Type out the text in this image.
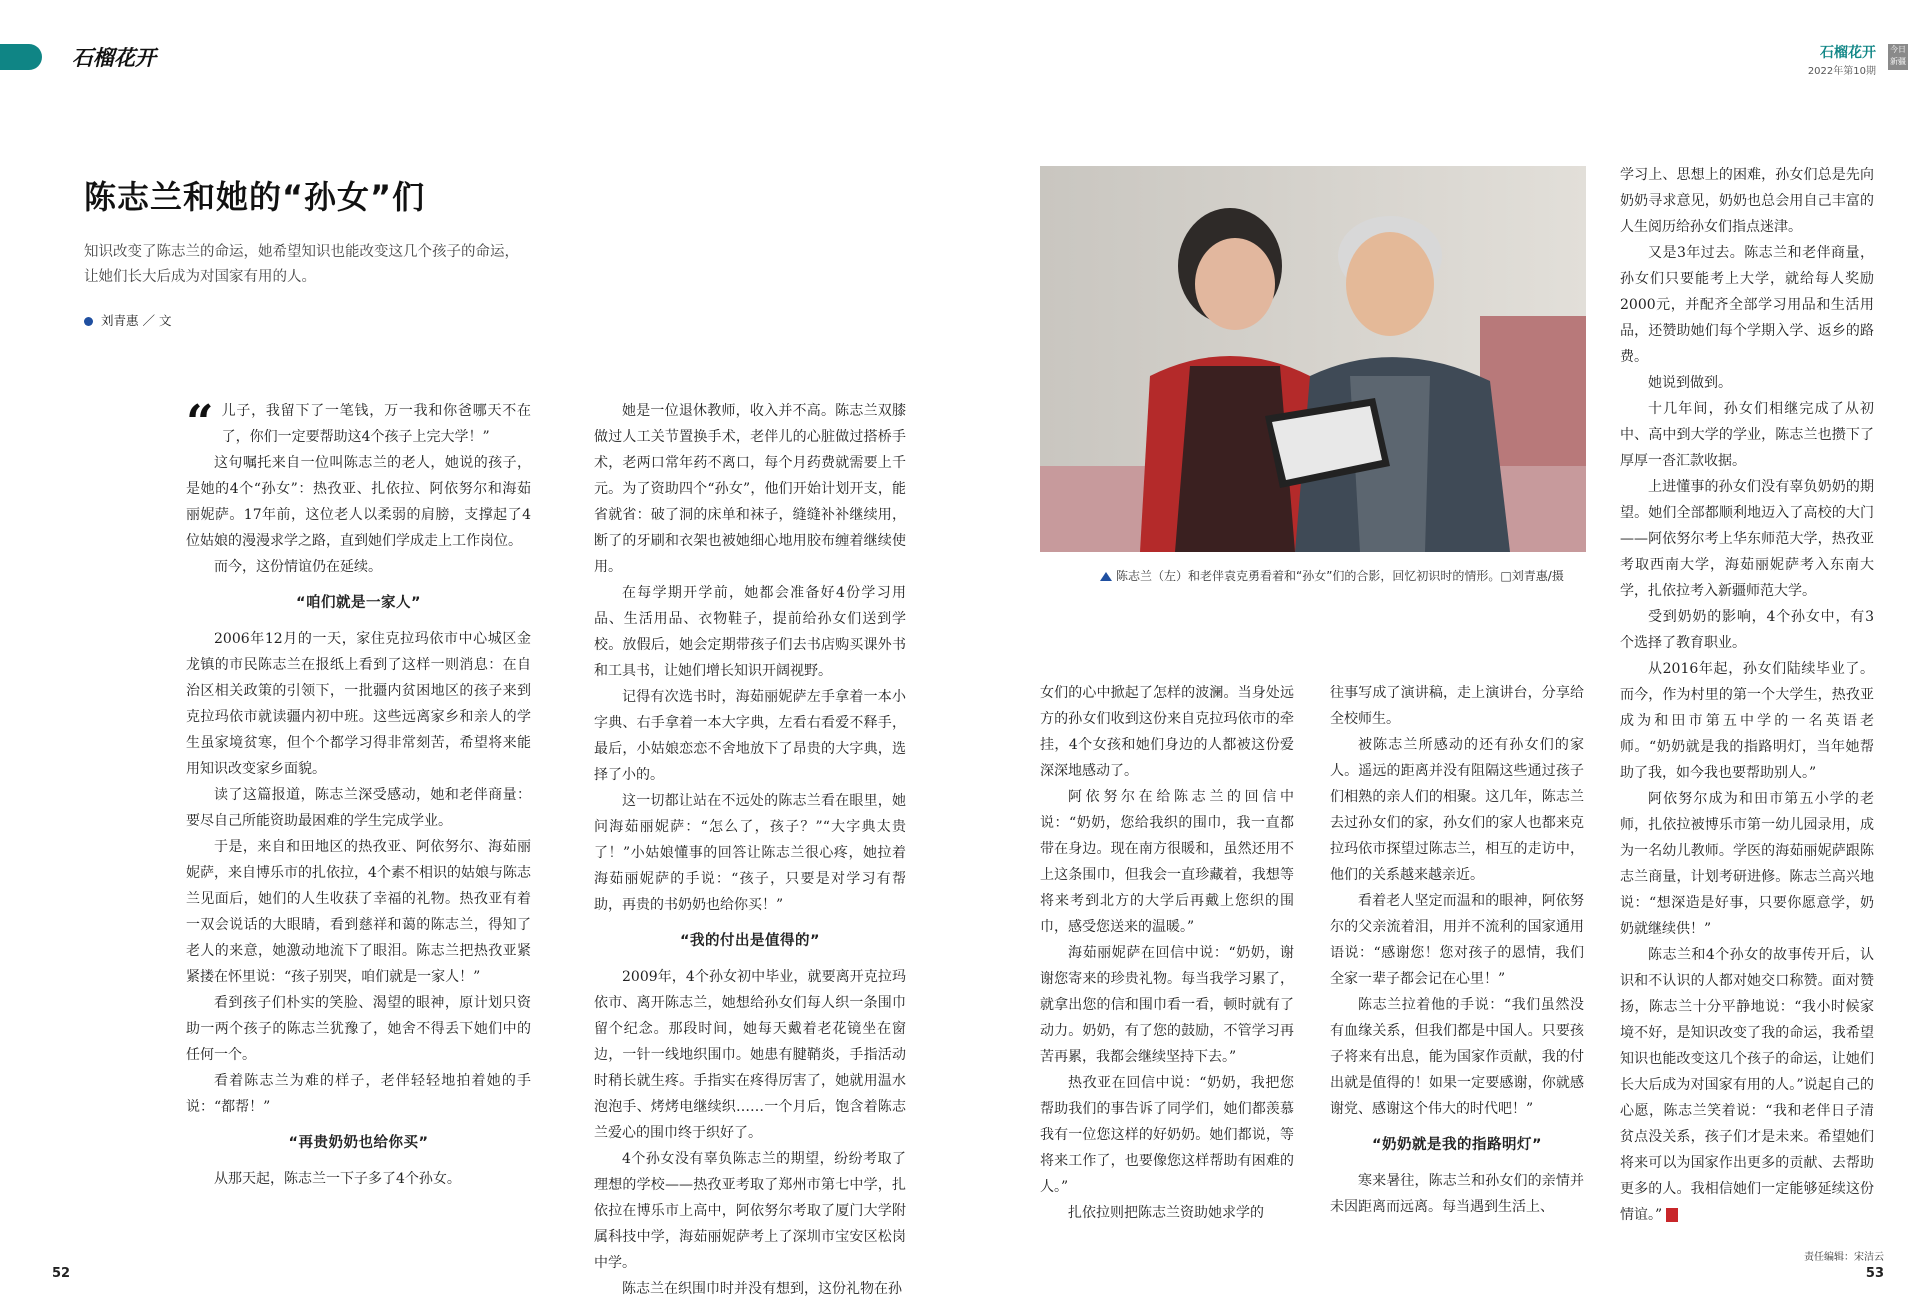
石榴花开	石榴花开
2022年第10期
今日新疆
陈志兰和她的“孙女”们
知识改变了陈志兰的命运，她希望知识也能改变这几个孩子的命运，让她们长大后成为对国家有用的人。
刘青惠 ／ 文

“ 儿子，我留下了一笔钱，万一我和你爸哪天不在了，你们一定要帮助这4个孩子上完大学！”

这句嘱托来自一位叫陈志兰的老人，她说的孩子，是她的4个“孙女”：热孜亚、扎依拉、阿依努尔和海茹丽妮萨。17年前，这位老人以柔弱的肩膀，支撑起了4位姑娘的漫漫求学之路，直到她们学成走上工作岗位。

而今，这份情谊仍在延续。

“咱们就是一家人”

2006年12月的一天，家住克拉玛依市中心城区金龙镇的市民陈志兰在报纸上看到了这样一则消息：在自治区相关政策的引领下，一批疆内贫困地区的孩子来到克拉玛依市就读疆内初中班。这些远离家乡和亲人的学生虽家境贫寒，但个个都学习得非常刻苦，希望将来能用知识改变家乡面貌。

读了这篇报道，陈志兰深受感动，她和老伴商量：要尽自己所能资助最困难的学生完成学业。

于是，来自和田地区的热孜亚、阿依努尔、海茹丽妮萨，来自博乐市的扎依拉，4个素不相识的姑娘与陈志兰见面后，她们的人生收获了幸福的礼物。热孜亚有着一双会说话的大眼睛，看到慈祥和蔼的陈志兰，得知了老人的来意，她激动地流下了眼泪。陈志兰把热孜亚紧紧搂在怀里说：“孩子别哭，咱们就是一家人！”

看到孩子们朴实的笑脸、渴望的眼神，原计划只资助一两个孩子的陈志兰犹豫了，她舍不得丢下她们中的任何一个。

看着陈志兰为难的样子，老伴轻轻地拍着她的手说：“都帮！”

“再贵奶奶也给你买”

从那天起，陈志兰一下子多了4个孙女。

她是一位退休教师，收入并不高。陈志兰双膝做过人工关节置换手术，老伴儿的心脏做过搭桥手术，老两口常年药不离口，每个月药费就需要上千元。为了资助四个“孙女”，他们开始计划开支，能省就省：破了洞的床单和袜子，缝缝补补继续用，断了的牙刷和衣架也被她细心地用胶布缠着继续使用。

在每学期开学前，她都会准备好4份学习用品、生活用品、衣物鞋子，提前给孙女们送到学校。放假后，她会定期带孩子们去书店购买课外书和工具书，让她们增长知识开阔视野。

记得有次选书时，海茹丽妮萨左手拿着一本小字典、右手拿着一本大字典，左看右看爱不释手，最后，小姑娘恋恋不舍地放下了昂贵的大字典，选择了小的。

这一切都让站在不远处的陈志兰看在眼里，她问海茹丽妮萨：“怎么了，孩子？”“大字典太贵了！”小姑娘懂事的回答让陈志兰很心疼，她拉着海茹丽妮萨的手说：“孩子，只要是对学习有帮助，再贵的书奶奶也给你买！”

“我的付出是值得的”

2009年，4个孙女初中毕业，就要离开克拉玛依市、离开陈志兰，她想给孙女们每人织一条围巾留个纪念。那段时间，她每天戴着老花镜坐在窗边，一针一线地织围巾。她患有腱鞘炎，手指活动时稍长就生疼。手指实在疼得厉害了，她就用温水泡泡手、烤烤电继续织……一个月后，饱含着陈志兰爱心的围巾终于织好了。

4个孙女没有辜负陈志兰的期望，纷纷考取了理想的学校——热孜亚考取了郑州市第七中学，扎依拉在博乐市上高中，阿依努尔考取了厦门大学附属科技中学，海茹丽妮萨考上了深圳市宝安区松岗中学。

陈志兰在织围巾时并没有想到，这份礼物在孙

陈志兰（左）和老伴袁克勇看着和“孙女”们的合影，回忆初识时的情形。□刘青惠/摄

女们的心中掀起了怎样的波澜。当身处远方的孙女们收到这份来自克拉玛依市的牵挂，4个女孩和她们身边的人都被这份爱深深地感动了。

阿依努尔在给陈志兰的回信中说：“奶奶，您给我织的围巾，我一直都带在身边。现在南方很暖和，虽然还用不上这条围巾，但我会一直珍藏着，我想等将来考到北方的大学后再戴上您织的围巾，感受您送来的温暖。”

海茹丽妮萨在回信中说：“奶奶，谢谢您寄来的珍贵礼物。每当我学习累了，就拿出您的信和围巾看一看，顿时就有了动力。奶奶，有了您的鼓励，不管学习再苦再累，我都会继续坚持下去。”

热孜亚在回信中说：“奶奶，我把您帮助我们的事告诉了同学们，她们都羡慕我有一位您这样的好奶奶。她们都说，等将来工作了，也要像您这样帮助有困难的人。”

扎依拉则把陈志兰资助她求学的

往事写成了演讲稿，走上演讲台，分享给全校师生。

被陈志兰所感动的还有孙女们的家人。遥远的距离并没有阻隔这些通过孩子们相熟的亲人们的相聚。这几年，陈志兰去过孙女们的家，孙女们的家人也都来克拉玛依市探望过陈志兰，相互的走访中，他们的关系越来越亲近。

看着老人坚定而温和的眼神，阿依努尔的父亲流着泪，用并不流利的国家通用语说：“感谢您！您对孩子的恩情，我们全家一辈子都会记在心里！”

陈志兰拉着他的手说：“我们虽然没有血缘关系，但我们都是中国人。只要孩子将来有出息，能为国家作贡献，我的付出就是值得的！如果一定要感谢，你就感谢党、感谢这个伟大的时代吧！”

“奶奶就是我的指路明灯”

寒来暑往，陈志兰和孙女们的亲情并未因距离而远离。每当遇到生活上、

学习上、思想上的困难，孙女们总是先向奶奶寻求意见，奶奶也总会用自己丰富的人生阅历给孙女们指点迷津。

又是3年过去。陈志兰和老伴商量，孙女们只要能考上大学，就给每人奖励2000元，并配齐全部学习用品和生活用品，还赞助她们每个学期入学、返乡的路费。

她说到做到。

十几年间，孙女们相继完成了从初中、高中到大学的学业，陈志兰也攒下了厚厚一沓汇款收据。

上进懂事的孙女们没有辜负奶奶的期望。她们全部都顺利地迈入了高校的大门——阿依努尔考上华东师范大学，热孜亚考取西南大学，海茹丽妮萨考入东南大学，扎依拉考入新疆师范大学。

受到奶奶的影响，4个孙女中，有3个选择了教育职业。

从2016年起，孙女们陆续毕业了。而今，作为村里的第一个大学生，热孜亚成为和田市第五中学的一名英语老师。“奶奶就是我的指路明灯，当年她帮助了我，如今我也要帮助别人。”

阿依努尔成为和田市第五小学的老师，扎依拉被博乐市第一幼儿园录用，成为一名幼儿教师。学医的海茹丽妮萨跟陈志兰商量，计划考研进修。陈志兰高兴地说：“想深造是好事，只要你愿意学，奶奶就继续供！”

陈志兰和4个孙女的故事传开后，认识和不认识的人都对她交口称赞。面对赞扬，陈志兰十分平静地说：“我小时候家境不好，是知识改变了我的命运，我希望知识也能改变这几个孩子的命运，让她们长大后成为对国家有用的人。”说起自己的心愿，陈志兰笑着说：“我和老伴日子清贫点没关系，孩子们才是未来。希望她们将来可以为国家作出更多的贡献、去帮助更多的人。我相信她们一定能够延续这份情谊。”

52	53
责任编辑：宋洁云
